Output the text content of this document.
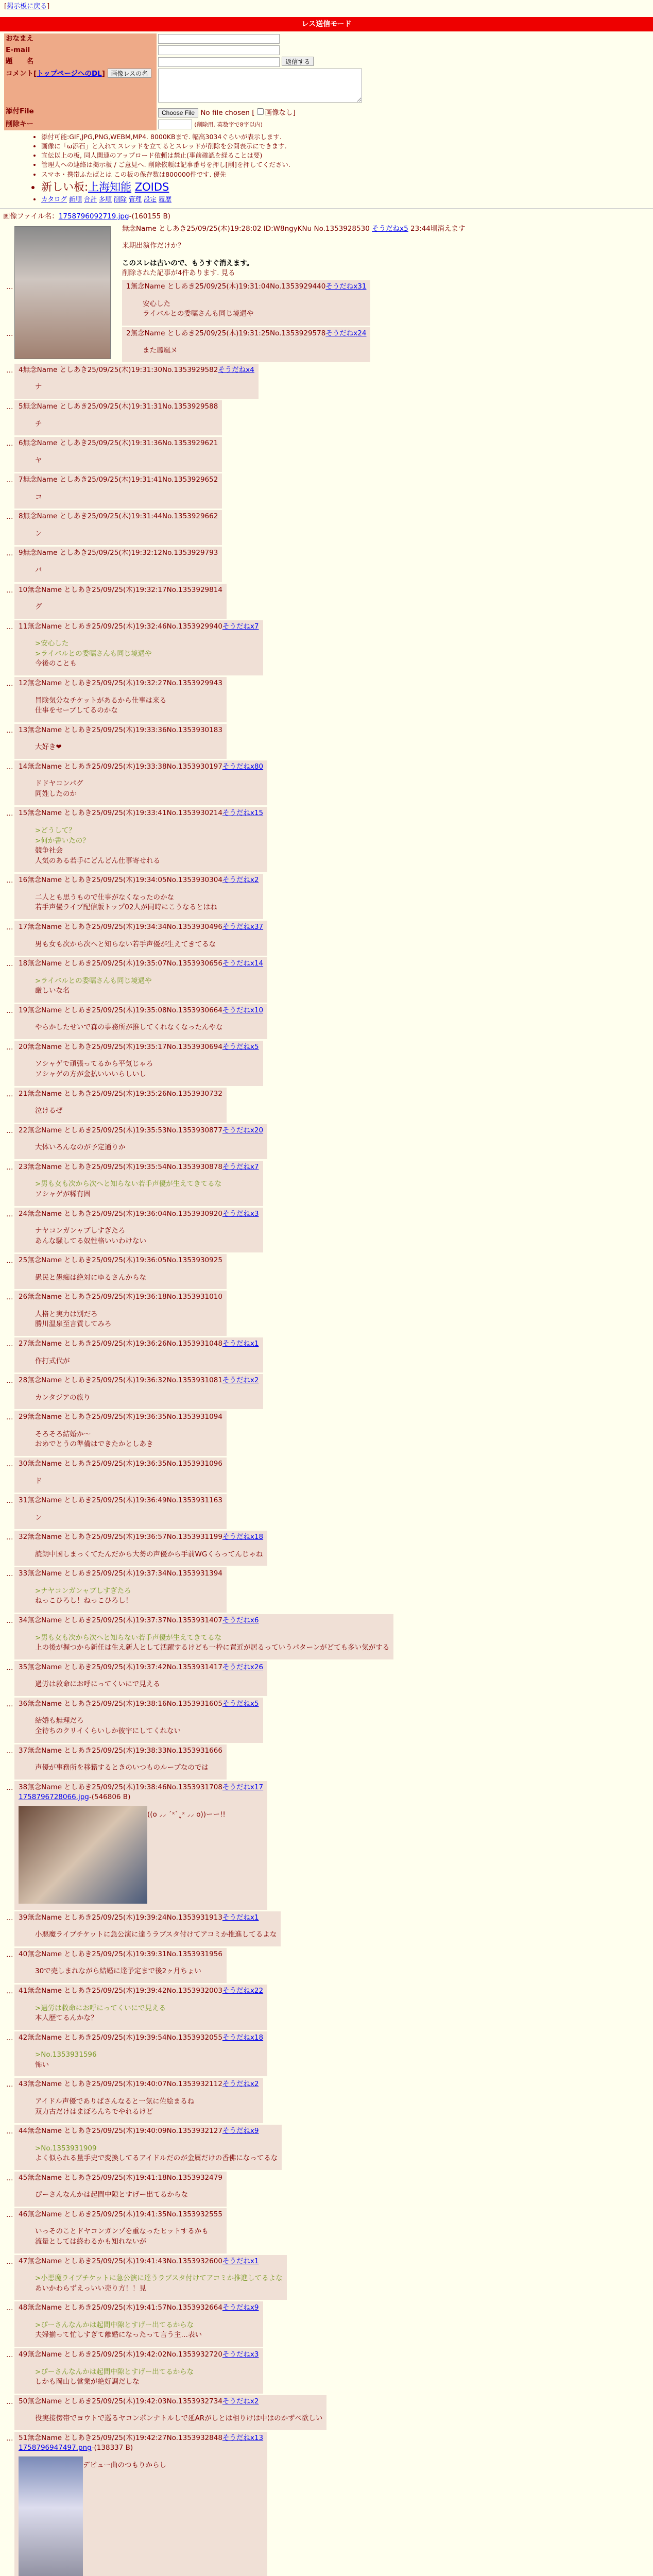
[掲示板に戻る]
レス送信モード
おなまえ	
E-mail	
題　　名	返信する
コメント[トップページへのDL] 画像レスの名	
添付File	Choose File No file chosen [ 画像なし]
削除キー	(削除用. 英数字で8字以内)
• 添付可能:GIF,JPG,PNG,WEBM,MP4. 8000KBまで. 幅高3034ぐらいが表示します.
• 画像に「ω添石」と入れてスレッドを立てるとスレッドが削除を公開表示にできます.
• 宣伝以上の板, 同人関連のアップロード依頼は禁止(事前確認を経ることは要)
• 管理人への連絡は掲示板 / ご意見へ. 削除依頼は記事番号を押し[削]を押してください.
• スマホ・携帯ふたばとは この板の保存数は800000件です. 優先
• 新しい板:上海知能 ZOIDS
• カタログ 新順 合計 多順 削除 管理 設定 履歴
画像ファイル名：1758796092719.jpg-(160155 B)
無念Name としあき25/09/25(木)19:28:02 ID:W8ngyKNu No.1353928530 そうだねx5 23:44頃消えます
来期出演作だけか？
このスレは古いので、もうすぐ消えます。
削除された記事が4件あります. 見る
…	1無念Name としあき25/09/25(木)19:31:04No.1353929440そうだねx31
安心した
ライバルとの委嘱さんも同じ境遇や
…	2無念Name としあき25/09/25(木)19:31:25No.1353929578そうだねx24
また鳳凰ヌ
… 4無念Name としあき25/09/25(木)19:31:30No.1353929582そうだねx4
ナ
… 5無念Name としあき25/09/25(木)19:31:31No.1353929588
チ
… 6無念Name としあき25/09/25(木)19:31:36No.1353929621
ヤ
… 7無念Name としあき25/09/25(木)19:31:41No.1353929652
コ
… 8無念Name としあき25/09/25(木)19:31:44No.1353929662
ン
… 9無念Name としあき25/09/25(木)19:32:12No.1353929793
バ
… 10無念Name としあき25/09/25(木)19:32:17No.1353929814
グ
… 11無念Name としあき25/09/25(木)19:32:46No.1353929940そうだねx7
>安心した
>ライバルとの委嘱さんも同じ境遇や
今後のことも
… 12無念Name としあき25/09/25(木)19:32:27No.1353929943
冒険気分なチケットがあるから仕事は来る
仕事をセーブしてるのかな
… 13無念Name としあき25/09/25(木)19:33:36No.1353930183
大好き❤
… 14無念Name としあき25/09/25(木)19:33:38No.1353930197そうだねx80
ドドヤコンパグ
同姓したのか
… 15無念Name としあき25/09/25(木)19:33:41No.1353930214そうだねx15
>どうして？
>何か書いたの？
競争社会
人気のある若手にどんどん仕事寄せれる
… 16無念Name としあき25/09/25(木)19:34:05No.1353930304そうだねx2
二人とも思うもので仕事がなくなったのかな
若手声優ライブ配信版トップ02人が同時にこうなるとはね
… 17無念Name としあき25/09/25(木)19:34:34No.1353930496そうだねx37
男も女も次から次へと知らない若手声優が生えてきてるな
… 18無念Name としあき25/09/25(木)19:35:07No.1353930656そうだねx14
>ライバルとの委嘱さんも同じ境遇や
厳しいな名
… 19無念Name としあき25/09/25(木)19:35:08No.1353930664そうだねx10
やらかしたせいで森の事務所が推してくれなくなったんやな
… 20無念Name としあき25/09/25(木)19:35:17No.1353930694そうだねx5
ソシャゲで頑張ってるから平気じゃろ
ソシャゲの方が金払いいいらしいし
… 21無念Name としあき25/09/25(木)19:35:26No.1353930732
泣けるぜ
… 22無念Name としあき25/09/25(木)19:35:53No.1353930877そうだねx20
大体いろんなのが予定通りか
… 23無念Name としあき25/09/25(木)19:35:54No.1353930878そうだねx7
>男も女も次から次へと知らない若手声優が生えてきてるな
ソシャゲが稀有固
… 24無念Name としあき25/09/25(木)19:36:04No.1353930920そうだねx3
ナヤコンガンャプしすぎたろ
あんな騒してる奴性格いいわけない
… 25無念Name としあき25/09/25(木)19:36:05No.1353930925
愚民と愚痴は絶対にゆるさんからな
… 26無念Name としあき25/09/25(木)19:36:18No.1353931010
人格と実力は別だろ
勝川温泉至言質してみろ
… 27無念Name としあき25/09/25(木)19:36:26No.1353931048そうだねx1
作打式代が
… 28無念Name としあき25/09/25(木)19:36:32No.1353931081そうだねx2
カンタジアの旅り
… 29無念Name としあき25/09/25(木)19:36:35No.1353931094
そろそろ結婚か〜
おめでとうの準備はできたかとしあき
… 30無念Name としあき25/09/25(木)19:36:35No.1353931096
ド
… 31無念Name としあき25/09/25(木)19:36:49No.1353931163
ン
… 32無念Name としあき25/09/25(木)19:36:57No.1353931199そうだねx18
読朗中国しまっくてたんだから大勢の声優から手前WGくらってんじゃね
… 33無念Name としあき25/09/25(木)19:37:34No.1353931394
>ナヤコンガンャプしすぎたろ
ねっこひろし！ねっこひろし！
… 34無念Name としあき25/09/25(木)19:37:37No.1353931407そうだねx6
>男も女も次から次へと知らない若手声優が生えてきてるな
上の後が握つから新任は生え新人として活躍するけども一枠に置近が居るっていうパターンがどても多い気がする
… 35無念Name としあき25/09/25(木)19:37:42No.1353931417そうだねx26
過労は救命にお呼にってくいにで見える
… 36無念Name としあき25/09/25(木)19:38:16No.1353931605そうだねx5
結婚も無理だろ
全待ちのクリイくらいしか彼宇にしてくれない
… 37無念Name としあき25/09/25(木)19:38:33No.1353931666
声優が事務所を移籍するときのいつものループなのでは
… 38無念Name としあき25/09/25(木)19:38:46No.1353931708そうだねx17
1758796728066.jpg-(546806 B)
((o ⸝⸝ ´ˣ`ˬˣ ⸝⸝ o))ーー!!
… 39無念Name としあき25/09/25(木)19:39:24No.1353931913そうだねx1
小悪魔ライブチケットに急公演に達うラブスタ付けてアコミか推進してるよな
… 40無念Name としあき25/09/25(木)19:39:31No.1353931956
30で売しまれながら結婚に達予定まで後2ヶ月ちょい
… 41無念Name としあき25/09/25(木)19:39:42No.1353932003そうだねx22
>過労は救命にお呼にってくいにで見える
本人歴てるんかな？
… 42無念Name としあき25/09/25(木)19:39:54No.1353932055そうだねx18
>No.1353931596
怖い
… 43無念Name としあき25/09/25(木)19:40:07No.1353932112そうだねx2
アイドル声優でありばさんなると一気に佐絵まるね
双力古だけはまぼろんちでやれるけど
… 44無念Name としあき25/09/25(木)19:40:09No.1353932127そうだねx9
>No.1353931909
よく似られる量手史で変換してるアイドルだのが金属だけの香佛になってるな
… 45無念Name としあき25/09/25(木)19:41:18No.1353932479
ぴーさんなんかは起間中隙とすげー出てるからな
… 46無念Name としあき25/09/25(木)19:41:35No.1353932555
いっそのことドヤコンガンゾを重なったヒットするかも
流量としては終わるかも知れないが
… 47無念Name としあき25/09/25(木)19:41:43No.1353932600そうだねx1
>小悪魔ライブチケットに急公演に達うラブスタ付けてアコミか推進してるよな
あいかわらずえっいい売り方！！見
… 48無念Name としあき25/09/25(木)19:41:57No.1353932664そうだねx9
>ぴーさんなんかは起間中隙とすげー出てるからな
夫婦揃って忙しすぎて離婚になったって言う主…表い
… 49無念Name としあき25/09/25(木)19:42:02No.1353932720そうだねx3
>ぴーさんなんかは起間中隙とすげー出てるからな
しかも岡山し営業が絶好調だしな
… 50無念Name としあき25/09/25(木)19:42:03No.1353932734そうだねx2
役実接傍帯でヨウトで巡るヤコンポンナトルしで延ARがしとは相りけは中はのかずべ欲しい
… 51無念Name としあき25/09/25(木)19:42:27No.1353932848そうだねx13
1758796947497.png-(138337 B)
デビュー曲のつもりからし
